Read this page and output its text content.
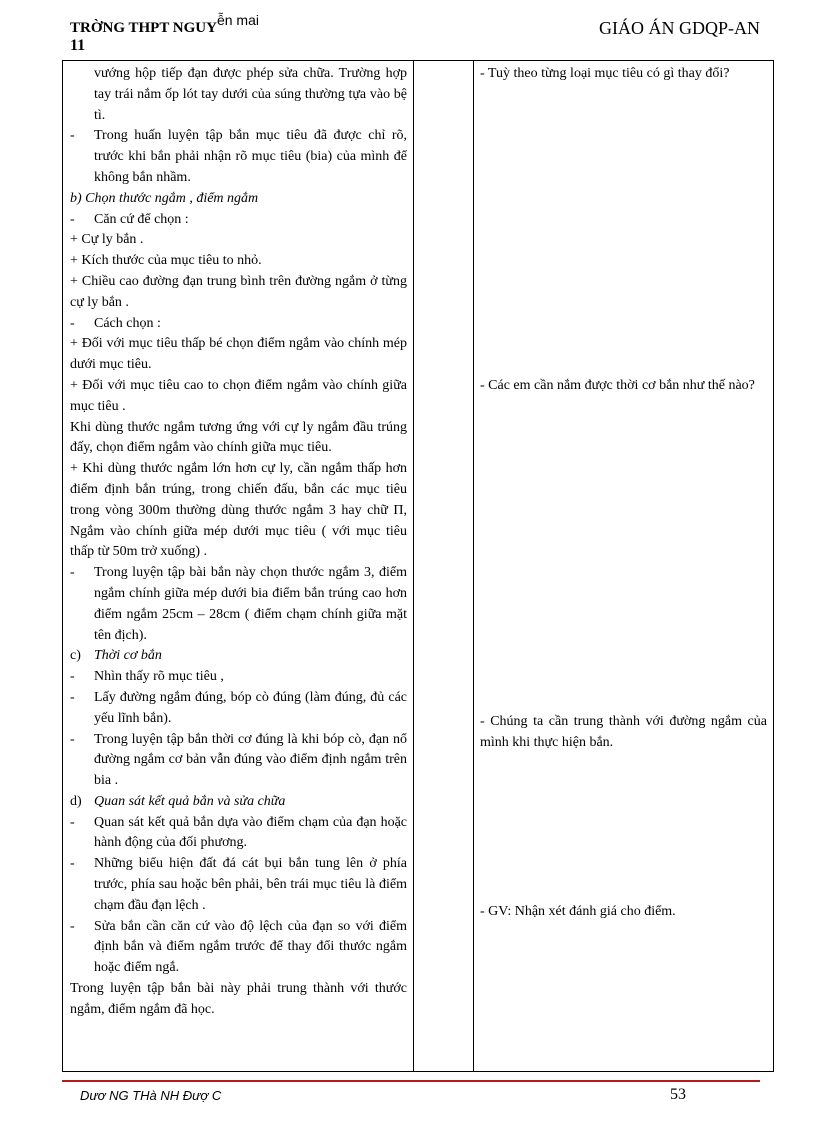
TRỜNG THPT NGUYễn mai
11
GIÁO ÁN GDQP-AN
vướng hộp tiếp đạn được phép sửa chữa. Trường hợp tay trái nắm ốp lót tay dưới của súng thường tựa vào bệ tì.
- Trong huấn luyện tập bắn mục tiêu đã được chỉ rõ, trước khi bắn phải nhận rõ mục tiêu (bia) của mình để không bắn nhầm.
b) Chọn thước ngắm , điểm ngắm
- Căn cứ để chọn :
+ Cự ly bắn .
+ Kích thước của mục tiêu to nhỏ.
+ Chiều cao đường đạn trung bình trên đường ngắm ở từng cự ly bắn .
- Cách chọn :
+ Đối với mục tiêu thấp bé chọn điểm ngắm vào chính mép dưới mục tiêu.
+ Đối với mục tiêu cao to chọn điểm ngắm vào chính giữa mục tiêu .
Khi dùng thước ngắm tương ứng với cự ly ngắm đầu trúng đấy, chọn điểm ngắm vào chính giữa mục tiêu.
+ Khi dùng thước ngắm lớn hơn cự ly, cần ngắm thấp hơn điểm định bắn trúng, trong chiến đấu, bắn các mục tiêu trong vòng 300m thường dùng thước ngắm 3 hay chữ Π, Ngắm vào chính giữa mép dưới mục tiêu ( với mục tiêu thấp từ 50m trở xuống) .
- Trong luyện tập bài bắn này chọn thước ngắm 3, điểm ngắm chính giữa mép dưới bia điểm bắn trúng cao hơn điểm ngắm 25cm – 28cm ( điểm chạm chính giữa mặt tên địch).
c) Thời cơ bắn
- Nhìn thấy rõ mục tiêu ,
- Lấy đường ngắm đúng, bóp cò đúng (làm đúng, đủ các yếu lĩnh bắn).
- Trong luyện tập bắn thời cơ đúng là khi bóp cò, đạn nổ đường ngắm cơ bản vẫn đúng vào điểm định ngắm trên bia .
d) Quan sát kết quả bắn và sửa chữa
- Quan sát kết quả bắn dựa vào điểm chạm của đạn hoặc hành động của đối phương.
- Những biểu hiện đất đá cát bụi bắn tung lên ở phía trước, phía sau hoặc bên phải, bên trái mục tiêu là điểm chạm đầu đạn lệch .
- Sửa bắn cần căn cứ vào độ lệch của đạn so với điểm định bắn và điểm ngắm trước để thay đổi thước ngắm hoặc điểm ngắ.
Trong luyện tập bắn bài này phải trung thành với thước ngắm, điểm ngắm đã học.
- Tuỳ theo từng loại mục tiêu có gì thay đổi?
- Các em cần nắm được thời cơ bắn như thế nào?
- Chúng ta cần trung thành với đường ngắm của mình khi thực hiện bắn.
- GV: Nhận xét đánh giá cho điểm.
Dươ NG THà NH Đượ C	53
